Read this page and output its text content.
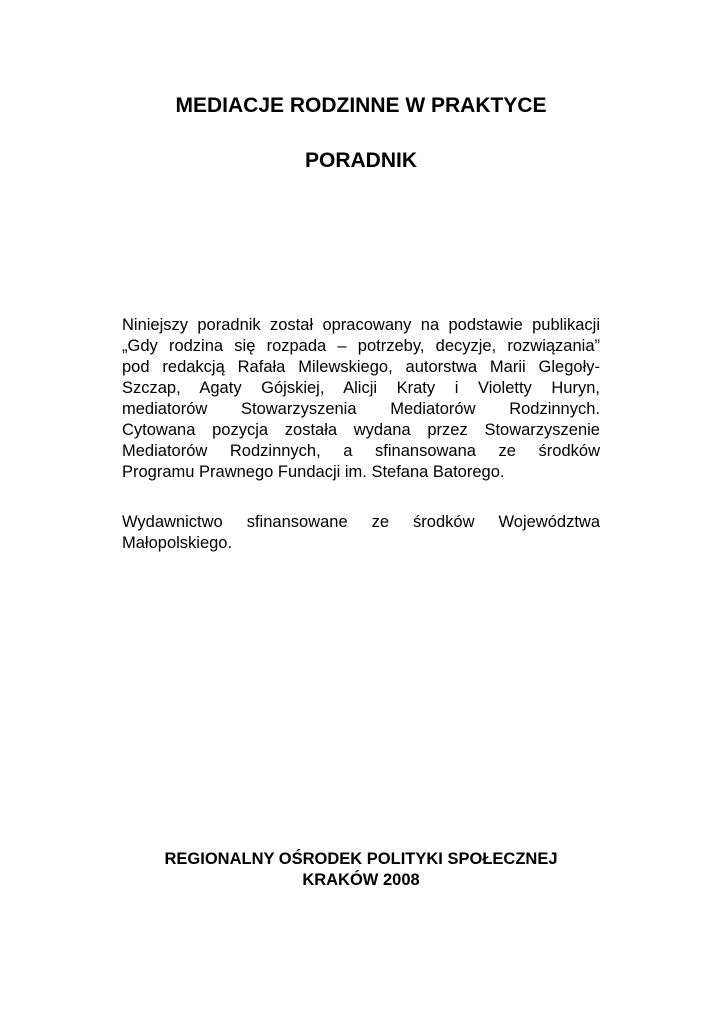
MEDIACJE RODZINNE W PRAKTYCE
PORADNIK

Niniejszy poradnik został opracowany na podstawie publikacji
„Gdy rodzina się rozpada – potrzeby, decyzje, rozwiązania”
pod redakcją Rafała Milewskiego, autorstwa Marii Glegoły-
Szczap, Agaty Gójskiej, Alicji Kraty i Violetty Huryn,
mediatorów Stowarzyszenia Mediatorów Rodzinnych.
Cytowana pozycja została wydana przez Stowarzyszenie
Mediatorów Rodzinnych, a sfinansowana ze środków
Programu Prawnego Fundacji im. Stefana Batorego.

Wydawnictwo sfinansowane ze środków Województwa
Małopolskiego.

REGIONALNY OŚRODEK POLITYKI SPOŁECZNEJ

KRAKÓW 2008
